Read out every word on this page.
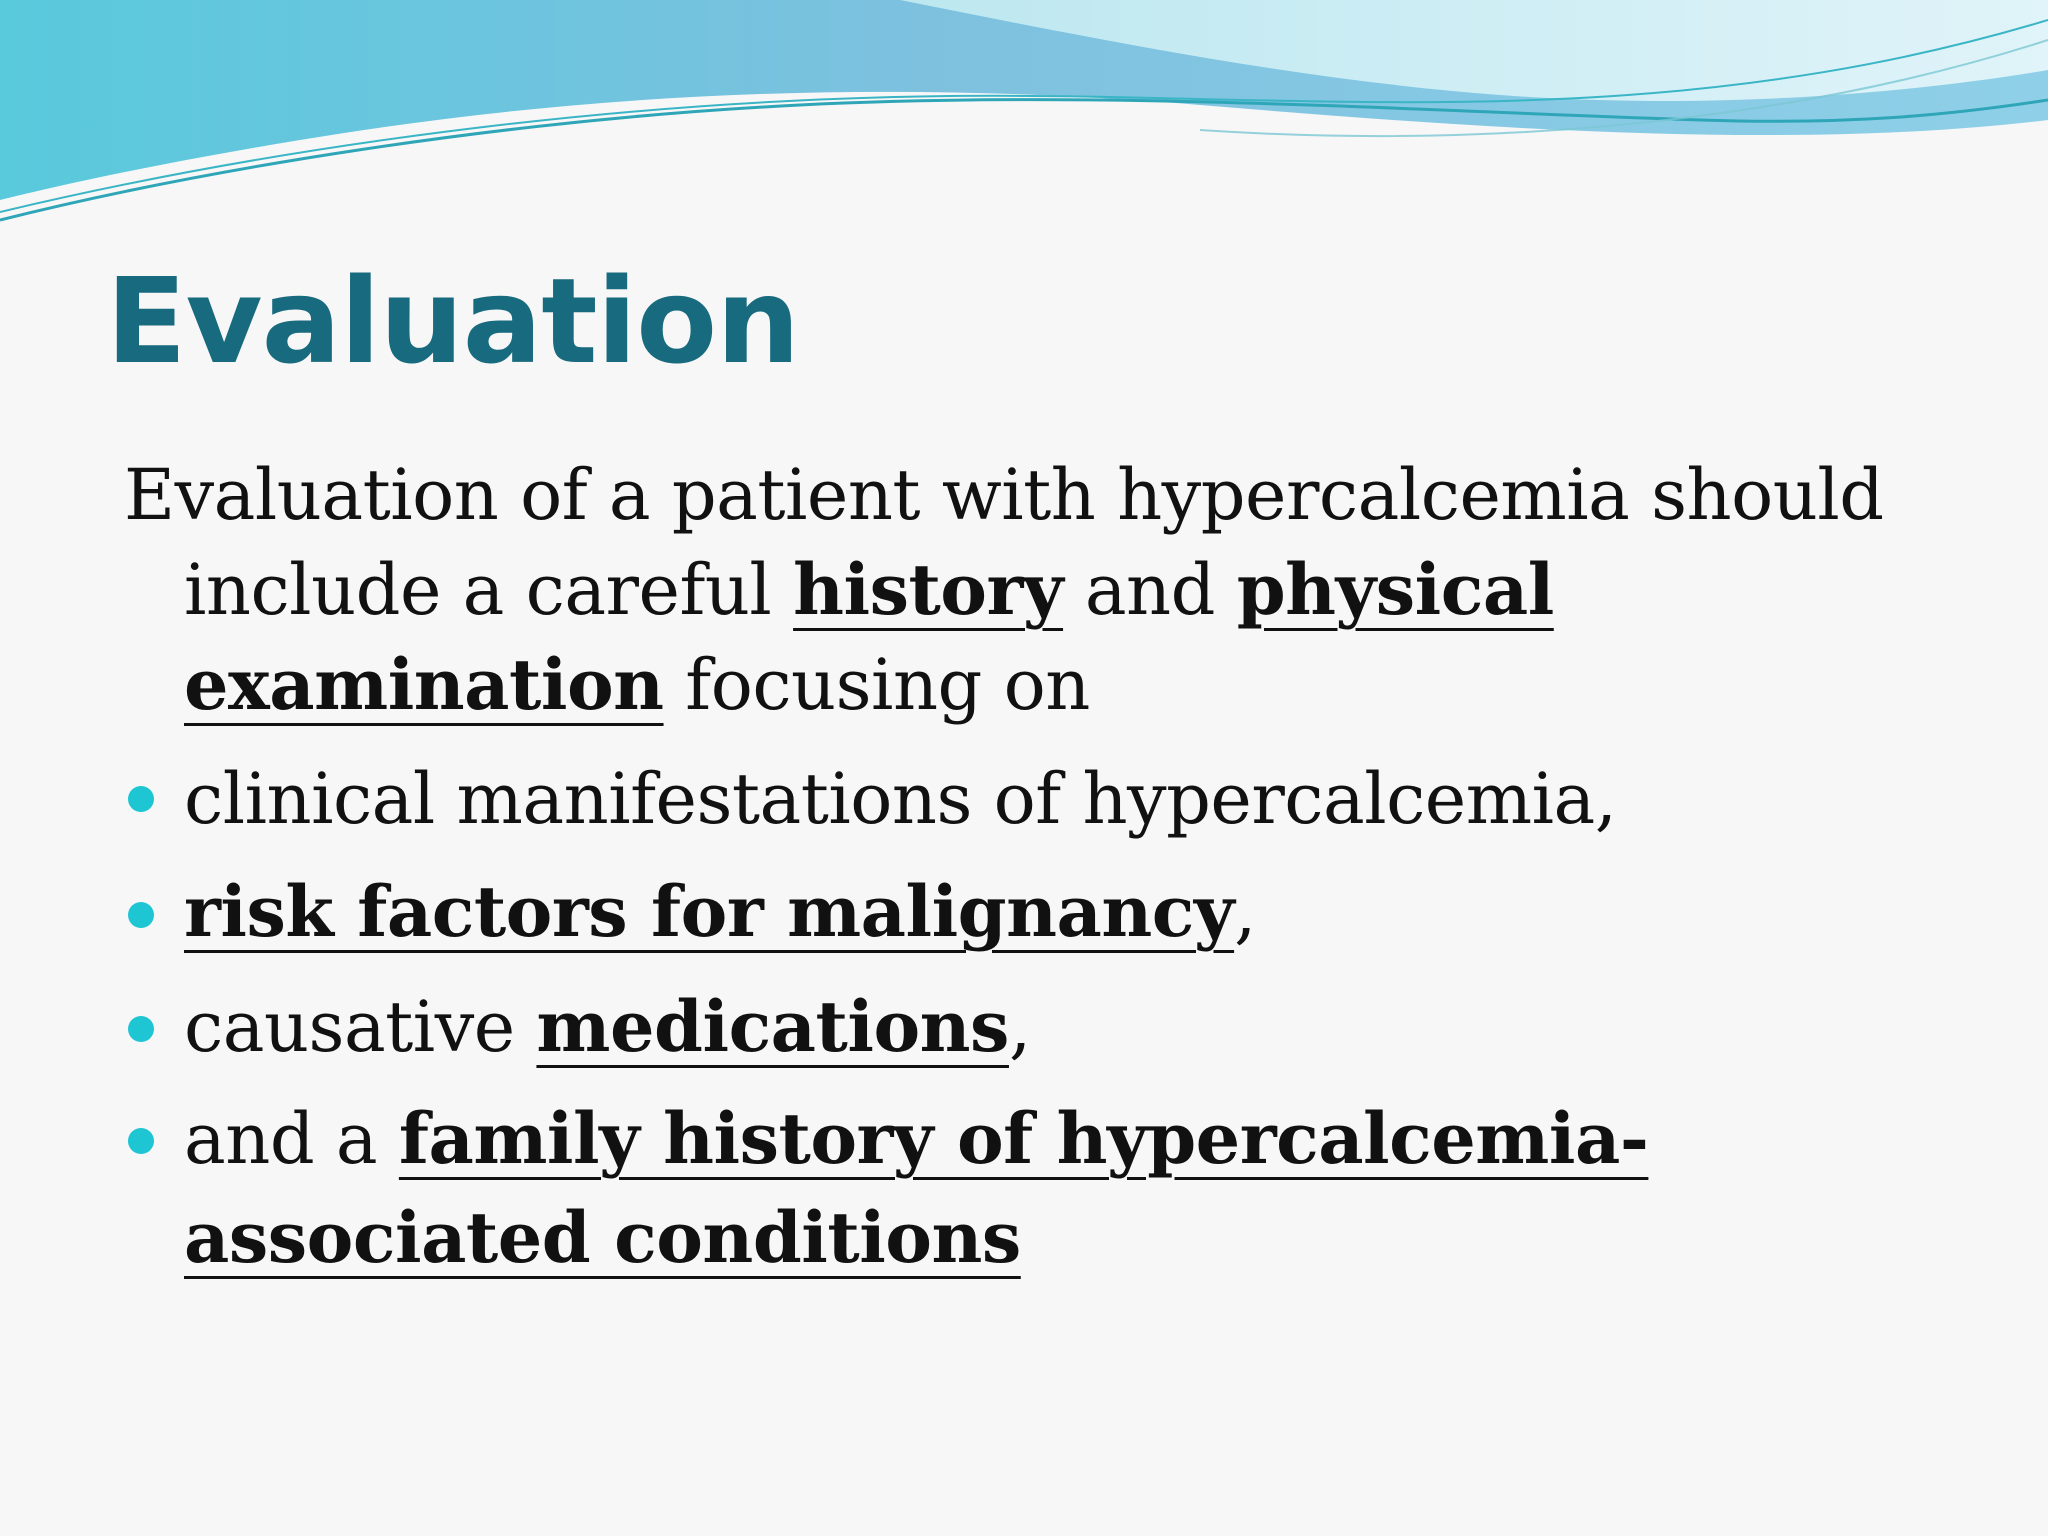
Evaluation
Evaluation of a patient with hypercalcemia should
include a careful history and physical
examination focusing on
clinical manifestations of hypercalcemia,
risk factors for malignancy,
causative medications,
and a family history of hypercalcemia-
associated conditions
